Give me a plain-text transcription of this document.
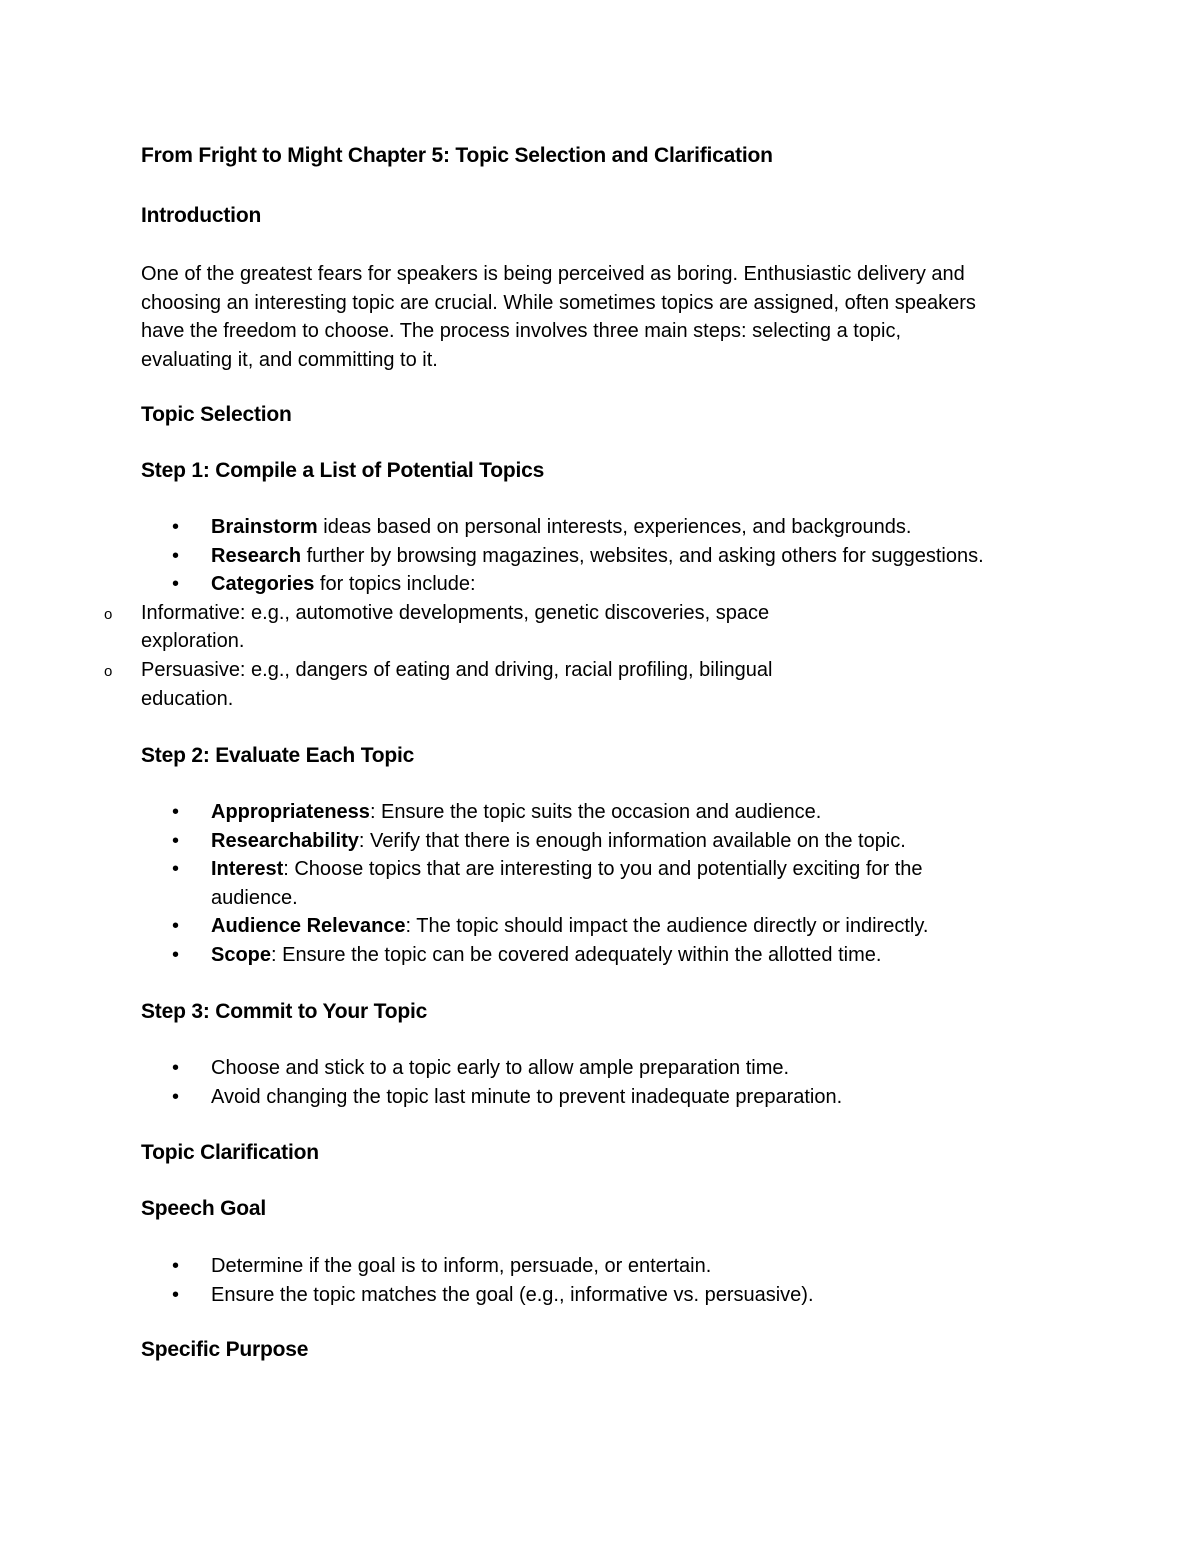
From Fright to Might Chapter 5: Topic Selection and Clarification
Introduction

One of the greatest fears for speakers is being perceived as boring. Enthusiastic delivery and

choosing an interesting topic are crucial. While sometimes topics are assigned, often speakers

have the freedom to choose. The process involves three main steps: selecting a topic,

evaluating it, and committing to it.

Topic Selection
Step 1: Compile a List of Potential Topics
• Brainstorm ideas based on personal interests, experiences, and backgrounds.
• Research further by browsing magazines, websites, and asking others for suggestions.
• Categories for topics include:
o Informative: e.g., automotive developments, genetic discoveries, space
exploration.
o Persuasive: e.g., dangers of eating and driving, racial profiling, bilingual
education.
Step 2: Evaluate Each Topic
• Appropriateness: Ensure the topic suits the occasion and audience.
• Researchability: Verify that there is enough information available on the topic.
• Interest: Choose topics that are interesting to you and potentially exciting for the
audience.
• Audience Relevance: The topic should impact the audience directly or indirectly.
• Scope: Ensure the topic can be covered adequately within the allotted time.
Step 3: Commit to Your Topic
• Choose and stick to a topic early to allow ample preparation time.
• Avoid changing the topic last minute to prevent inadequate preparation.
Topic Clarification
Speech Goal
• Determine if the goal is to inform, persuade, or entertain.
• Ensure the topic matches the goal (e.g., informative vs. persuasive).
Specific Purpose
